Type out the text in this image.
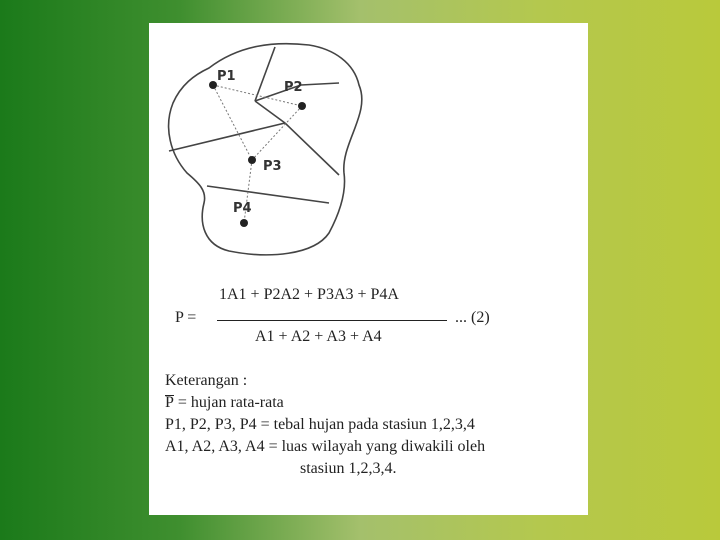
P1
P2
P3
P4
P =
1A1 + P2A2 + P3A3 + P4A
A1 + A2 + A3 + A4
... (2)
Keterangan :
P = hujan rata-rata
P1, P2, P3, P4 = tebal hujan pada stasiun 1,2,3,4
A1, A2, A3, A4 = luas wilayah yang diwakili oleh
stasiun 1,2,3,4.
